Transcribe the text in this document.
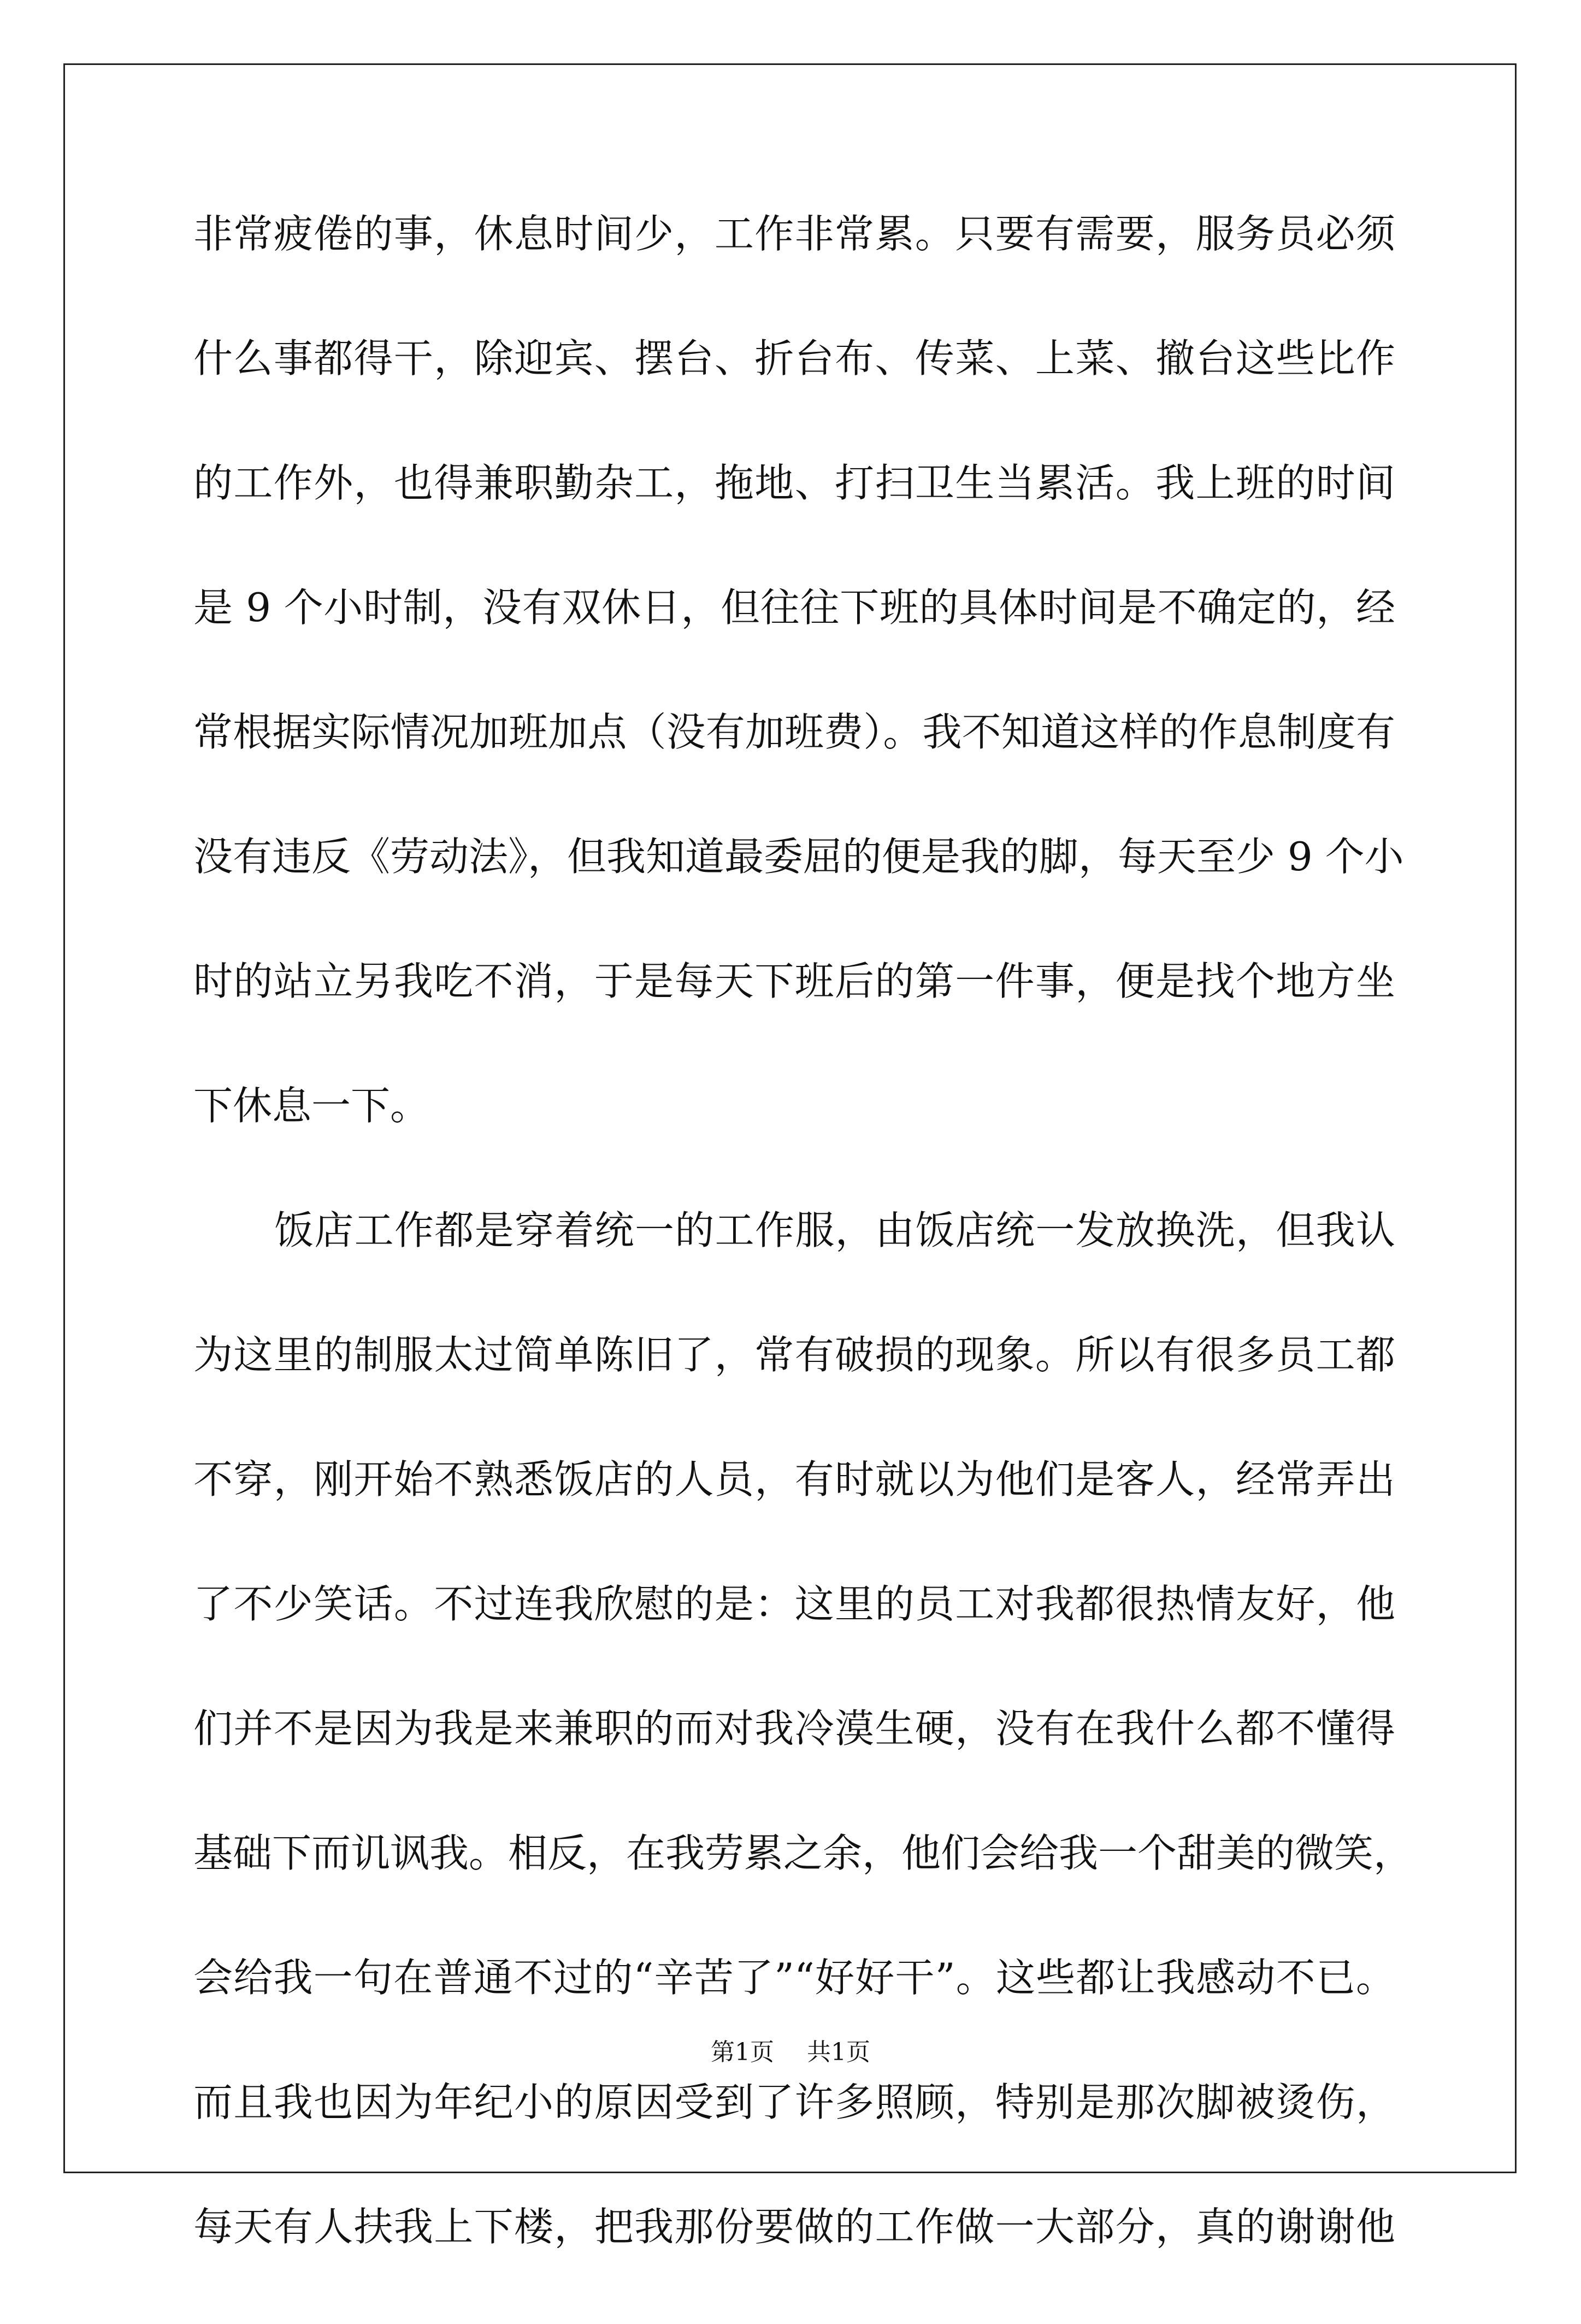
非常疲倦的事，休息时间少，工作非常累。只要有需要，服务员必须
什么事都得干，除迎宾、摆台、折台布、传菜、上菜、撤台这些比作
的工作外，也得兼职勤杂工，拖地、打扫卫生当累活。我上班的时间
是 9 个小时制，没有双休日，但往往下班的具体时间是不确定的，经
常根据实际情况加班加点（没有加班费）。我不知道这样的作息制度有
没有违反《劳动法》，但我知道最委屈的便是我的脚，每天至少 9 个小
时的站立另我吃不消，于是每天下班后的第一件事，便是找个地方坐
下休息一下。
饭店工作都是穿着统一的工作服，由饭店统一发放换洗，但我认
为这里的制服太过简单陈旧了，常有破损的现象。所以有很多员工都
不穿，刚开始不熟悉饭店的人员，有时就以为他们是客人，经常弄出
了不少笑话。不过连我欣慰的是：这里的员工对我都很热情友好，他
们并不是因为我是来兼职的而对我冷漠生硬，没有在我什么都不懂得
基础下而讥讽我。相反，在我劳累之余，他们会给我一个甜美的微笑，
会给我一句在普通不过的“辛苦了”“好好干”。这些都让我感动不已。
而且我也因为年纪小的原因受到了许多照顾，特别是那次脚被烫伤，
每天有人扶我上下楼，把我那份要做的工作做一大部分，真的谢谢他
第1页 共1页
